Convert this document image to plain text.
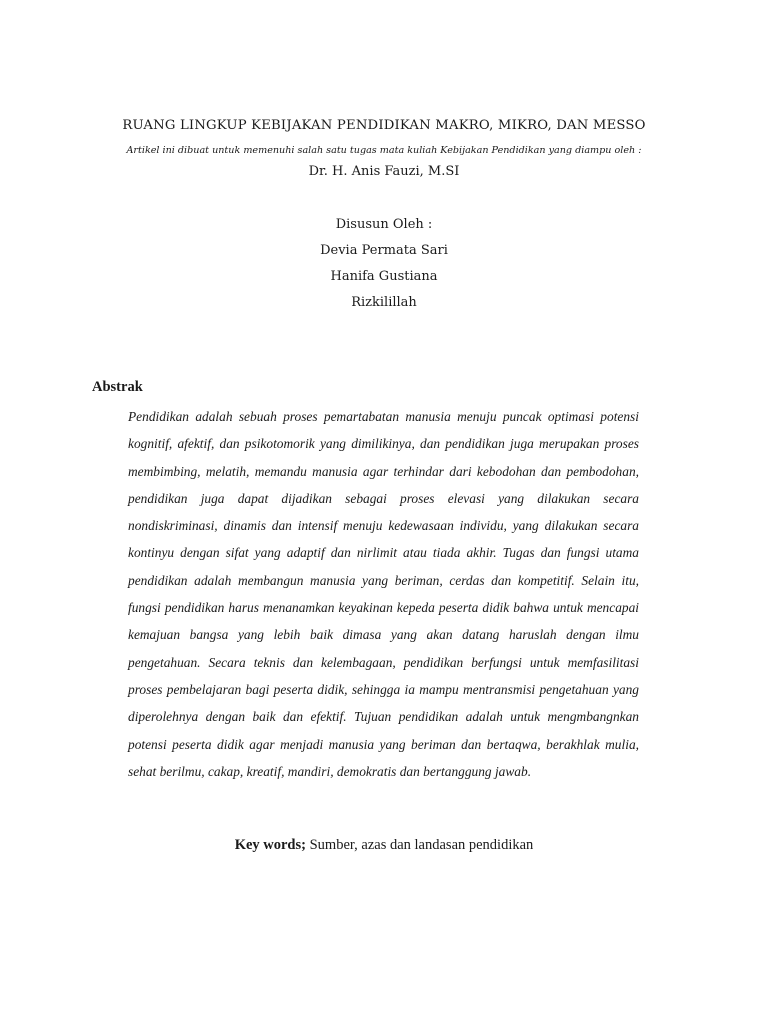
RUANG LINGKUP KEBIJAKAN PENDIDIKAN MAKRO, MIKRO, DAN MESSO
Artikel ini dibuat untuk memenuhi salah satu tugas mata kuliah Kebijakan Pendidikan yang diampu oleh :
Dr. H. Anis Fauzi, M.SI
Disusun Oleh :
Devia Permata Sari
Hanifa Gustiana
Rizkilillah
Abstrak

Pendidikan adalah sebuah proses pemartabatan manusia menuju puncak optimasi potensi kognitif, afektif, dan psikotomorik yang dimilikinya, dan pendidikan juga merupakan proses membimbing, melatih, memandu manusia agar terhindar dari kebodohan dan pembodohan, pendidikan juga dapat dijadikan sebagai proses elevasi yang dilakukan secara nondiskriminasi, dinamis dan intensif menuju kedewasaan individu, yang dilakukan secara kontinyu dengan sifat yang adaptif dan nirlimit atau tiada akhir. Tugas dan fungsi utama pendidikan adalah membangun manusia yang beriman, cerdas dan kompetitif. Selain itu, fungsi pendidikan harus menanamkan keyakinan kepeda peserta didik bahwa untuk mencapai kemajuan bangsa yang lebih baik dimasa yang akan datang haruslah dengan ilmu pengetahuan. Secara teknis dan kelembagaan, pendidikan berfungsi untuk memfasilitasi proses pembelajaran bagi peserta didik, sehingga ia mampu mentransmisi pengetahuan yang diperolehnya dengan baik dan efektif. Tujuan pendidikan adalah untuk mengmbangnkan potensi peserta didik agar menjadi manusia yang beriman dan bertaqwa, berakhlak mulia, sehat berilmu, cakap, kreatif, mandiri, demokratis dan bertanggung jawab.

Key words; Sumber, azas dan landasan pendidikan
